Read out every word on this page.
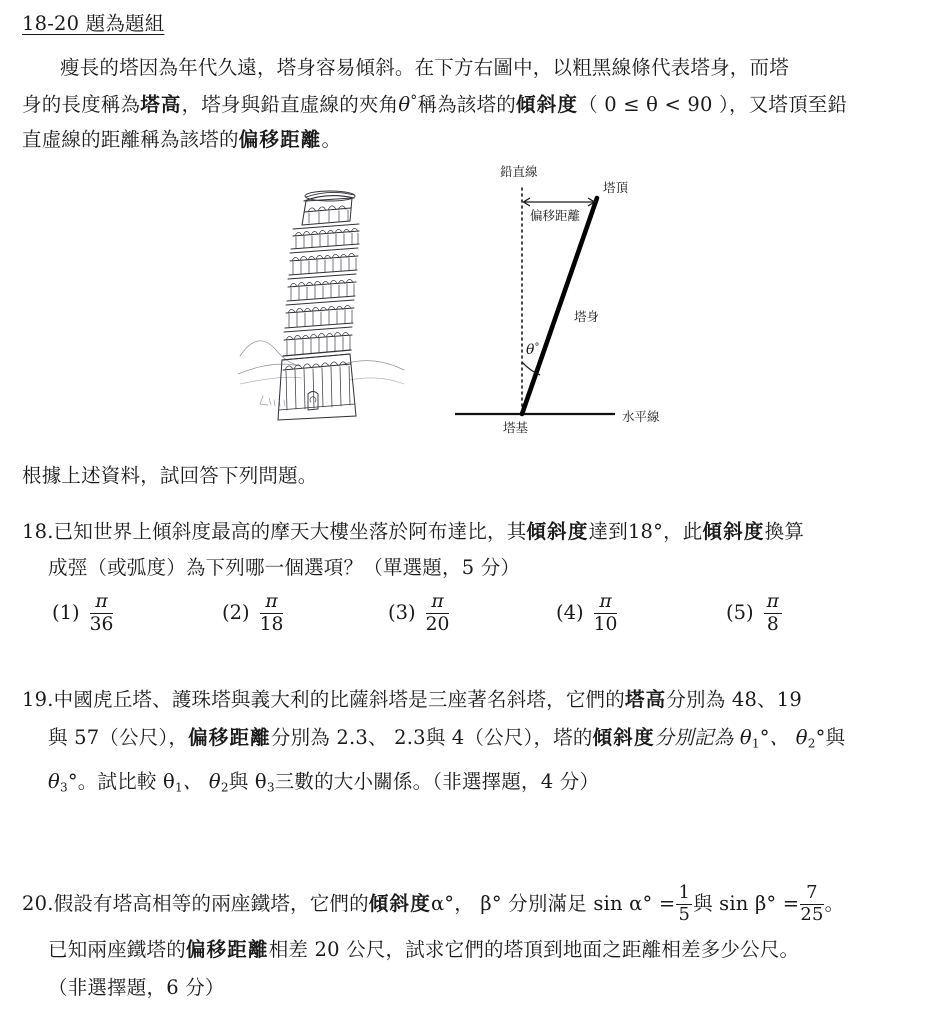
18-20 題為題組
瘦長的塔因為年代久遠，塔身容易傾斜。在下方右圖中，以粗黑線條代表塔身，而塔
身的長度稱為塔高，塔身與鉛直虛線的夾角θ°稱為該塔的傾斜度（ 0 ≤ θ < 90 ），又塔頂至鉛
直虛線的距離稱為該塔的偏移距離。
鉛直線
偏移距離
塔頂
塔身
θ°
塔基
水平線
根據上述資料，試回答下列問題。
18.已知世界上傾斜度最高的摩天大樓坐落於阿布達比，其傾斜度達到18°，此傾斜度換算
成弳（或弧度）為下列哪一個選項？（單選題，5 分）
$(1) \frac{\pi}{36}$	$(2) \frac{\pi}{18}$	$(3) \frac{\pi}{20}$	$(4) \frac{\pi}{10}$	$(5) \frac{\pi}{8}$
19.中國虎丘塔、護珠塔與義大利的比薩斜塔是三座著名斜塔，它們的塔高分別為 48、19
與 57（公尺），偏移距離分別為 2.3、 2.3與 4（公尺），塔的傾斜度分別記為 $\theta_1^\circ$、 $\theta_2^\circ$與
$\theta_3^\circ$。試比較 $\theta_1$、 $\theta_2$與 $\theta_3$三數的大小關係。（非選擇題，4 分）
20.假設有塔高相等的兩座鐵塔，它們的傾斜度α°， β° 分別滿足 $\sin \alpha^\circ = \frac{1}{5}$ 與 $\sin \beta^\circ = \frac{7}{25}$ 。
已知兩座鐵塔的偏移距離相差 20 公尺，試求它們的塔頂到地面之距離相差多少公尺。
（非選擇題，6 分）
